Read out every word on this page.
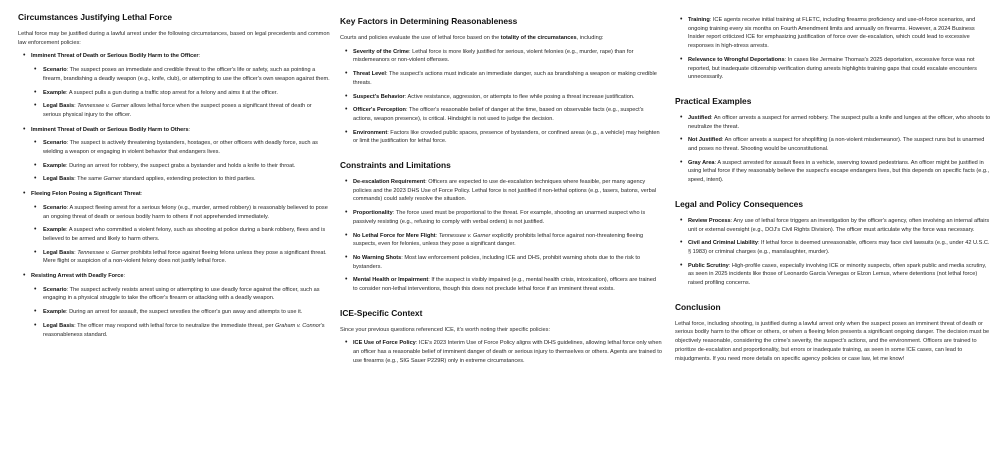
Circumstances Justifying Lethal Force

Lethal force may be justified during a lawful arrest under the following circumstances, based on legal precedents and common law enforcement policies:

• Imminent Threat of Death or Serious Bodily Harm to the Officer:
• Scenario: The suspect poses an immediate and credible threat to the officer's life or safety, such as pointing a firearm, brandishing a deadly weapon (e.g., knife, club), or attempting to use the officer's own weapon against them.
• Example: A suspect pulls a gun during a traffic stop arrest for a felony and aims it at the officer.
• Legal Basis: Tennessee v. Garner allows lethal force when the suspect poses a significant threat of death or serious physical injury to the officer.
• Imminent Threat of Death or Serious Bodily Harm to Others:
• Scenario: The suspect is actively threatening bystanders, hostages, or other officers with deadly force, such as wielding a weapon or engaging in violent behavior that endangers lives.
• Example: During an arrest for robbery, the suspect grabs a bystander and holds a knife to their throat.
• Legal Basis: The same Garner standard applies, extending protection to third parties.
• Fleeing Felon Posing a Significant Threat:
• Scenario: A suspect fleeing arrest for a serious felony (e.g., murder, armed robbery) is reasonably believed to pose an ongoing threat of death or serious bodily harm to others if not apprehended immediately.
• Example: A suspect who committed a violent felony, such as shooting at police during a bank robbery, flees and is believed to be armed and likely to harm others.
• Legal Basis: Tennessee v. Garner prohibits lethal force against fleeing felons unless they pose a significant threat. Mere flight or suspicion of a non-violent felony does not justify lethal force.
• Resisting Arrest with Deadly Force:
• Scenario: The suspect actively resists arrest using or attempting to use deadly force against the officer, such as engaging in a physical struggle to take the officer's firearm or attacking with a deadly weapon.
• Example: During an arrest for assault, the suspect wrestles the officer's gun away and attempts to use it.
• Legal Basis: The officer may respond with lethal force to neutralize the immediate threat, per Graham v. Connor's reasonableness standard.
Key Factors in Determining Reasonableness

Courts and policies evaluate the use of lethal force based on the totality of the circumstances, including:

• Severity of the Crime: Lethal force is more likely justified for serious, violent felonies (e.g., murder, rape) than for misdemeanors or non-violent offenses.
• Threat Level: The suspect's actions must indicate an immediate danger, such as brandishing a weapon or making credible threats.
• Suspect's Behavior: Active resistance, aggression, or attempts to flee while posing a threat increase justification.
• Officer's Perception: The officer's reasonable belief of danger at the time, based on observable facts (e.g., suspect's actions, weapon presence), is critical. Hindsight is not used to judge the decision.
• Environment: Factors like crowded public spaces, presence of bystanders, or confined areas (e.g., a vehicle) may heighten or limit the justification for lethal force.
Constraints and Limitations
• De-escalation Requirement: Officers are expected to use de-escalation techniques where feasible, per many agency policies and the 2023 DHS Use of Force Policy. Lethal force is not justified if non-lethal options (e.g., tasers, batons, verbal commands) could safely resolve the situation.
• Proportionality: The force used must be proportional to the threat. For example, shooting an unarmed suspect who is passively resisting (e.g., refusing to comply with verbal orders) is not justified.
• No Lethal Force for Mere Flight: Tennessee v. Garner explicitly prohibits lethal force against non-threatening fleeing suspects, even for felonies, unless they pose a significant danger.
• No Warning Shots: Most law enforcement policies, including ICE and DHS, prohibit warning shots due to the risk to bystanders.
• Mental Health or Impairment: If the suspect is visibly impaired (e.g., mental health crisis, intoxication), officers are trained to consider non-lethal interventions, though this does not preclude lethal force if an imminent threat exists.
ICE-Specific Context

Since your previous questions referenced ICE, it's worth noting their specific policies:

• ICE Use of Force Policy: ICE's 2023 Interim Use of Force Policy aligns with DHS guidelines, allowing lethal force only when an officer has a reasonable belief of imminent danger of death or serious injury to themselves or others. Agents are trained to use firearms (e.g., SIG Sauer P229R) only in extreme circumstances.
• Training: ICE agents receive initial training at FLETC, including firearms proficiency and use-of-force scenarios, and ongoing training every six months on Fourth Amendment limits and annually on firearms. However, a 2024 Business Insider report criticized ICE for emphasizing justification of force over de-escalation, which could lead to excessive responses in high-stress arrests.
• Relevance to Wrongful Deportations: In cases like Jermaine Thomas's 2025 deportation, excessive force was not reported, but inadequate citizenship verification during arrests highlights training gaps that could escalate encounters unnecessarily.
Practical Examples
• Justified: An officer arrests a suspect for armed robbery. The suspect pulls a knife and lunges at the officer, who shoots to neutralize the threat.
• Not Justified: An officer arrests a suspect for shoplifting (a non-violent misdemeanor). The suspect runs but is unarmed and poses no threat. Shooting would be unconstitutional.
• Gray Area: A suspect arrested for assault flees in a vehicle, swerving toward pedestrians. An officer might be justified in using lethal force if they reasonably believe the suspect's escape endangers lives, but this depends on specific facts (e.g., speed, intent).
Legal and Policy Consequences
• Review Process: Any use of lethal force triggers an investigation by the officer's agency, often involving an internal affairs unit or external oversight (e.g., DOJ's Civil Rights Division). The officer must articulate why the force was necessary.
• Civil and Criminal Liability: If lethal force is deemed unreasonable, officers may face civil lawsuits (e.g., under 42 U.S.C. § 1983) or criminal charges (e.g., manslaughter, murder).
• Public Scrutiny: High-profile cases, especially involving ICE or minority suspects, often spark public and media scrutiny, as seen in 2025 incidents like those of Leonardo Garcia Venegas or Elzon Lemus, where detentions (not lethal force) raised profiling concerns.
Conclusion

Lethal force, including shooting, is justified during a lawful arrest only when the suspect poses an imminent threat of death or serious bodily harm to the officer or others, or when a fleeing felon presents a significant ongoing danger. The decision must be objectively reasonable, considering the crime's severity, the suspect's actions, and the environment. Officers are trained to prioritize de-escalation and proportionality, but errors or inadequate training, as seen in some ICE cases, can lead to misjudgments. If you need more details on specific agency policies or case law, let me know!
